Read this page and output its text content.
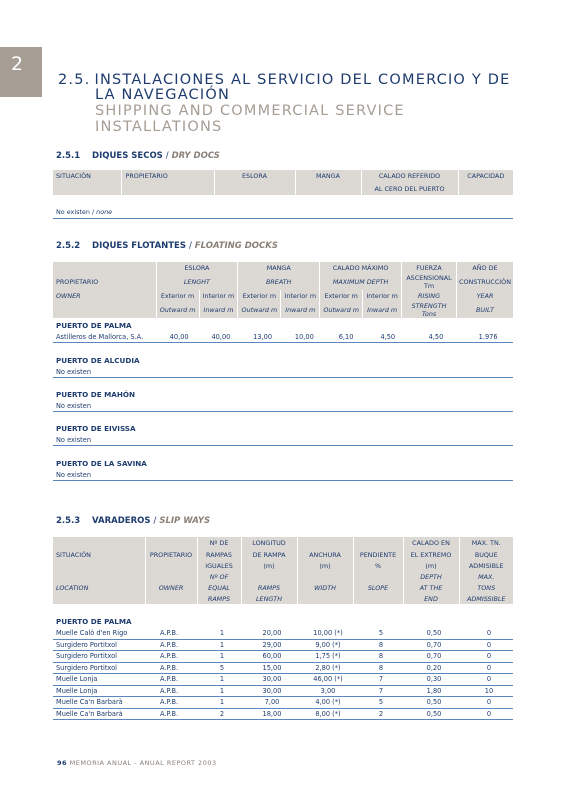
2
2.5. INSTALACIONES AL SERVICIO DEL COMERCIO Y DE
LA NAVEGACIÓN
SHIPPING AND COMMERCIAL SERVICE INSTALLATIONS
2.5.1 DIQUES SECOS / DRY DOCS
SITUACIÓN	PROPIETARIO	ESLORA	MANGA	CALADO REFERIDO	CAPACIDAD
				AL CERO DEL PUERTO	

No existen / none					
2.5.2 DIQUES FLOTANTES / FLOATING DOCKS
	ESLORA		MANGA		CALADO MÁXIMO		FUERZA	AÑO DE
PROPIETARIO	LENGHT		BREATH		MAXIMUM DEPTH		ASCENSIONAL Tm	CONSTRUCCIÓN
OWNER	Exterior m	Interior m	Exterior m	Interior m	Exterior m	Interior m	RISING	YEAR
	Outward m	Inward m	Outward m	Inward m	Outward m	Inward m	STRENGTH Tons	BUILT
PUERTO DE PALMA
Astilleros de Mallorca, S.A.	40,00	40,00	13,00	10,00	6,10	4,50	4,50	1.976
PUERTO DE ALCUDIA
No existen
PUERTO DE MAHÓN
No existen
PUERTO DE EIVISSA
No existen
PUERTO DE LA SAVINA
No existen
2.5.3 VARADEROS / SLIP WAYS
		Nº DE	LONGITUD			CALADO EN	MAX. TN.
SITUACIÓN	PROPIETARIO	RAMPAS	DE RAMPA	ANCHURA	PENDIENTE	EL EXTREMO	BUQUE
		IGUALES	(m)	(m)	%	(m)	ADMISIBLE
		Nº OF				DEPTH	MAX.
LOCATION	OWNER	EQUAL	RAMPS	WIDTH	SLOPE	AT THE	TONS
		RAMPS	LENGTH			END	ADMISSIBLE
PUERTO DE PALMA
Muelle Caló d'en Rigo	A.P.B.	1	20,00	10,00 (*)	5	0,50	0
Surgidero Portitxol	A.P.B.	1	29,00	9,00 (*)	8	0,70	0
Surgidero Portitxol	A.P.B.	1	60,00	1,75 (*)	8	0,70	0
Surgidero Portitxol	A.P.B.	5	15,00	2,80 (*)	8	0,20	0
Muelle Lonja	A.P.B.	1	30,00	46,00 (*)	7	0,30	0
Muelle Lonja	A.P.B.	1	30,00	3,00	7	1,80	10
Muelle Ca'n Barbarà	A.P.B.	1	7,00	4,00 (*)	5	0,50	0
Muelle Ca'n Barbarà	A.P.B.	2	18,00	8,00 (*)	2	0,50	0
96 MEMORIA ANUAL - ANUAL REPORT 2003
